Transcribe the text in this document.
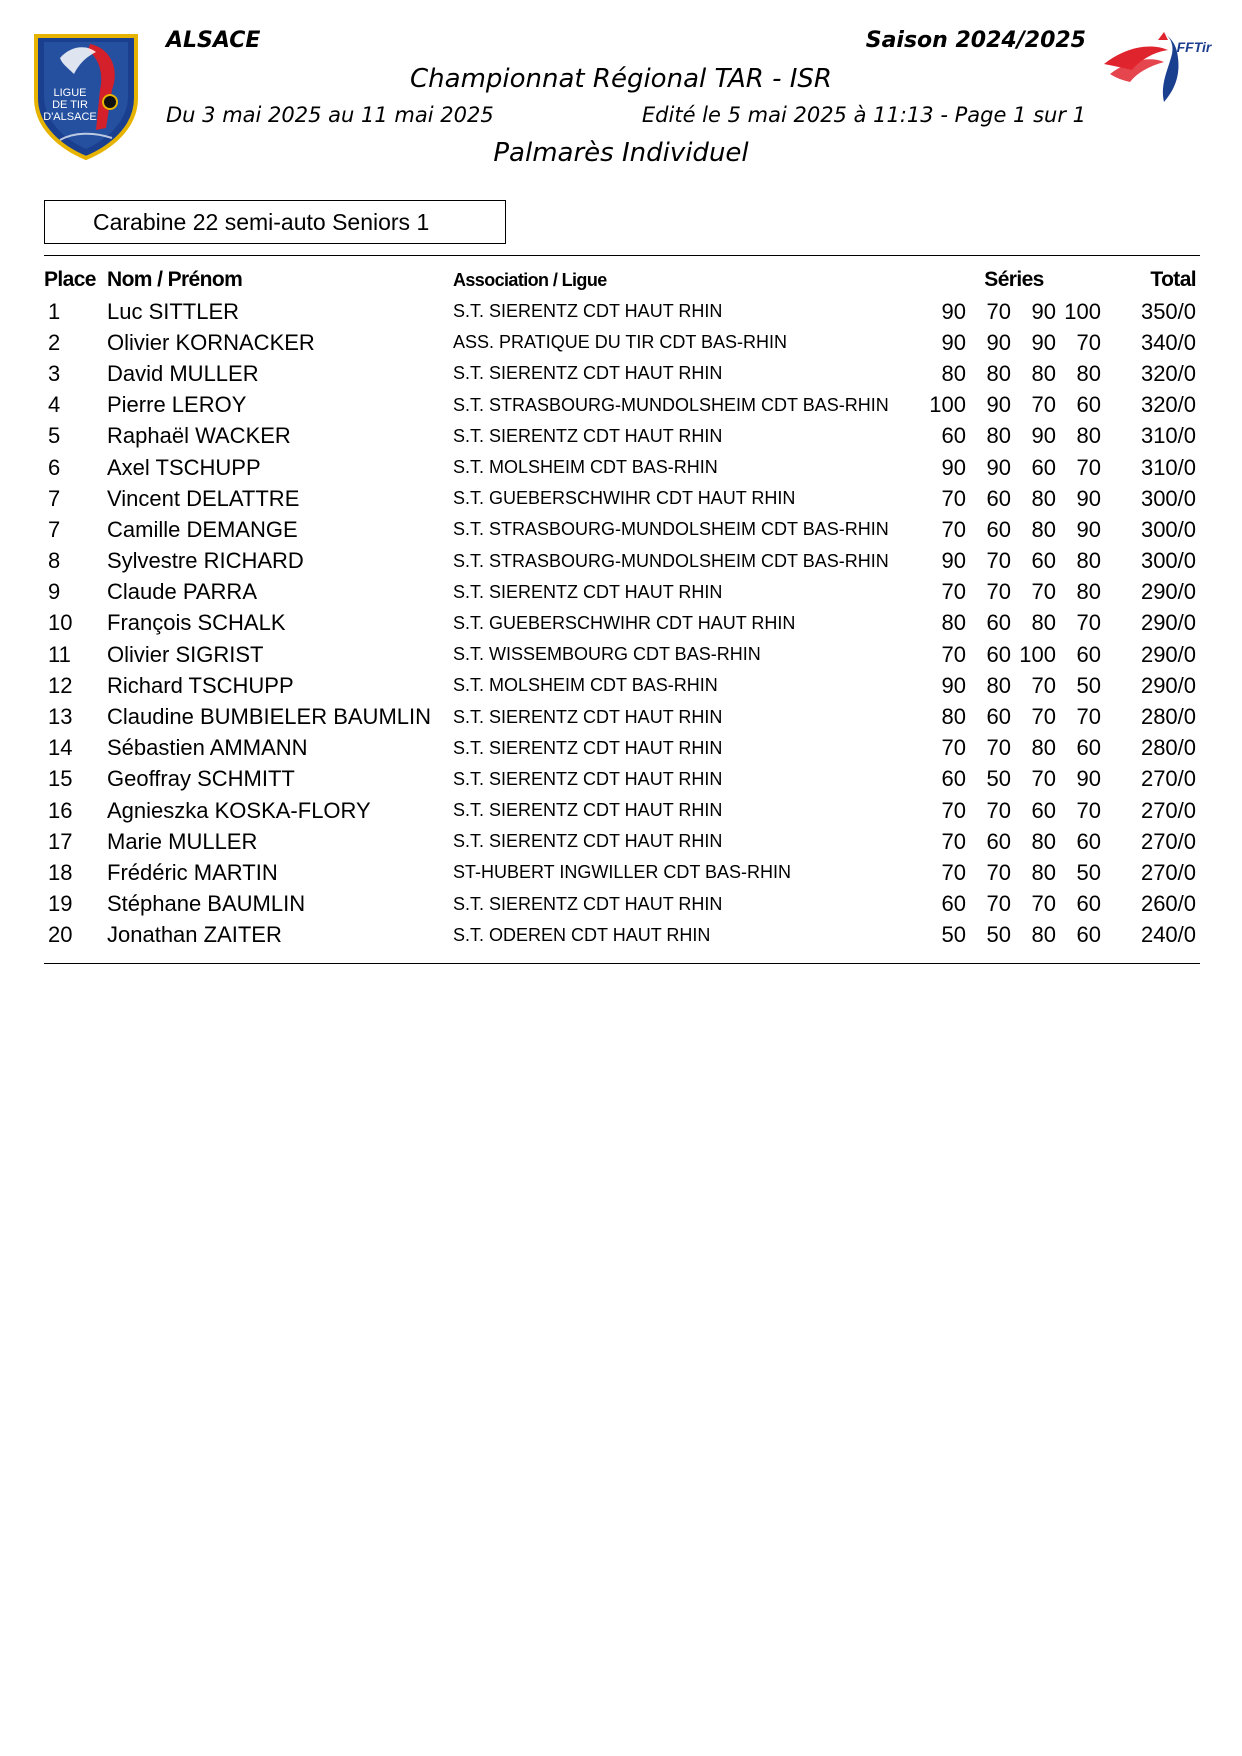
LIGUE
DE TIR
D'ALSACE
FFTir
ALSACE	Saison 2024/2025
Championnat Régional TAR - ISR
Du 3 mai 2025 au 11 mai 2025	Edité le 5 mai 2025 à 11:13 - Page 1 sur 1
Palmarès Individuel
Carabine 22 semi-auto Seniors 1
Place	Nom / Prénom	Association / Ligue	Séries				Total
1	Luc SITTLER	S.T. SIERENTZ CDT HAUT RHIN	90	70	90	100	350/0
2	Olivier KORNACKER	ASS. PRATIQUE DU TIR CDT BAS-RHIN	90	90	90	70	340/0
3	David MULLER	S.T. SIERENTZ CDT HAUT RHIN	80	80	80	80	320/0
4	Pierre LEROY	S.T. STRASBOURG-MUNDOLSHEIM CDT BAS-RHIN	100	90	70	60	320/0
5	Raphaël WACKER	S.T. SIERENTZ CDT HAUT RHIN	60	80	90	80	310/0
6	Axel TSCHUPP	S.T. MOLSHEIM CDT BAS-RHIN	90	90	60	70	310/0
7	Vincent DELATTRE	S.T. GUEBERSCHWIHR CDT HAUT RHIN	70	60	80	90	300/0
7	Camille DEMANGE	S.T. STRASBOURG-MUNDOLSHEIM CDT BAS-RHIN	70	60	80	90	300/0
8	Sylvestre RICHARD	S.T. STRASBOURG-MUNDOLSHEIM CDT BAS-RHIN	90	70	60	80	300/0
9	Claude PARRA	S.T. SIERENTZ CDT HAUT RHIN	70	70	70	80	290/0
10	François SCHALK	S.T. GUEBERSCHWIHR CDT HAUT RHIN	80	60	80	70	290/0
11	Olivier SIGRIST	S.T. WISSEMBOURG CDT BAS-RHIN	70	60	100	60	290/0
12	Richard TSCHUPP	S.T. MOLSHEIM CDT BAS-RHIN	90	80	70	50	290/0
13	Claudine BUMBIELER BAUMLIN	S.T. SIERENTZ CDT HAUT RHIN	80	60	70	70	280/0
14	Sébastien AMMANN	S.T. SIERENTZ CDT HAUT RHIN	70	70	80	60	280/0
15	Geoffray SCHMITT	S.T. SIERENTZ CDT HAUT RHIN	60	50	70	90	270/0
16	Agnieszka KOSKA-FLORY	S.T. SIERENTZ CDT HAUT RHIN	70	70	60	70	270/0
17	Marie MULLER	S.T. SIERENTZ CDT HAUT RHIN	70	60	80	60	270/0
18	Frédéric MARTIN	ST-HUBERT INGWILLER CDT BAS-RHIN	70	70	80	50	270/0
19	Stéphane BAUMLIN	S.T. SIERENTZ CDT HAUT RHIN	60	70	70	60	260/0
20	Jonathan ZAITER	S.T. ODEREN CDT HAUT RHIN	50	50	80	60	240/0
